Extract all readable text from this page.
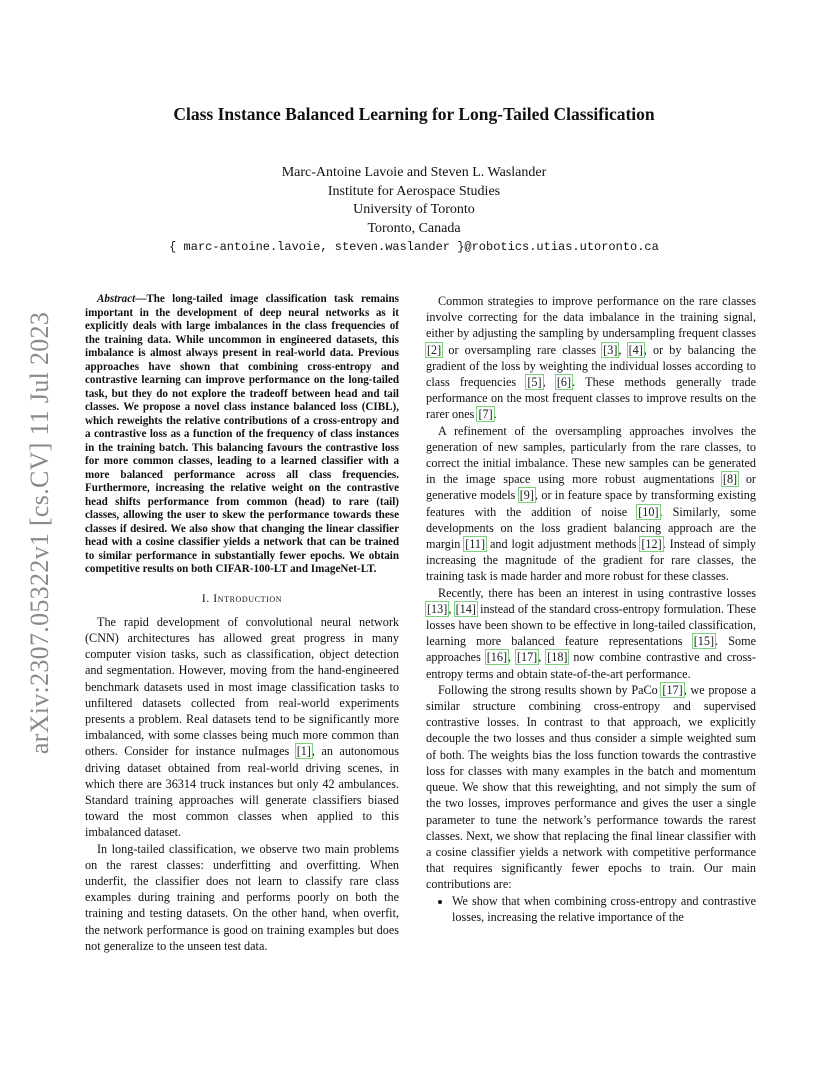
Class Instance Balanced Learning for Long-Tailed Classification
Marc-Antoine Lavoie and Steven L. Waslander
Institute for Aerospace Studies
University of Toronto
Toronto, Canada
{ marc-antoine.lavoie, steven.waslander }@robotics.utias.utoronto.ca
arXiv:2307.05322v1 [cs.CV] 11 Jul 2023

Abstract—The long-tailed image classification task remains important in the development of deep neural networks as it explicitly deals with large imbalances in the class frequencies of the training data. While uncommon in engineered datasets, this imbalance is almost always present in real-world data. Previous approaches have shown that combining cross-entropy and contrastive learning can improve performance on the long-tailed task, but they do not explore the tradeoff between head and tail classes. We propose a novel class instance balanced loss (CIBL), which reweights the relative contributions of a cross-entropy and a contrastive loss as a function of the frequency of class instances in the training batch. This balancing favours the contrastive loss for more common classes, leading to a learned classifier with a more balanced performance across all class frequencies. Furthermore, increasing the relative weight on the contrastive head shifts performance from common (head) to rare (tail) classes, allowing the user to skew the performance towards these classes if desired. We also show that changing the linear classifier head with a cosine classifier yields a network that can be trained to similar performance in substantially fewer epochs. We obtain competitive results on both CIFAR-100-LT and ImageNet-LT.

I. Introduction

The rapid development of convolutional neural network (CNN) architectures has allowed great progress in many computer vision tasks, such as classification, object detection and segmentation. However, moving from the hand-engineered benchmark datasets used in most image classification tasks to unfiltered datasets collected from real-world experiments presents a problem. Real datasets tend to be significantly more imbalanced, with some classes being much more common than others. Consider for instance nuImages [1], an autonomous driving dataset obtained from real-world driving scenes, in which there are 36314 truck instances but only 42 ambulances. Standard training approaches will generate classifiers biased toward the most common classes when applied to this imbalanced dataset.

In long-tailed classification, we observe two main problems on the rarest classes: underfitting and overfitting. When underfit, the classifier does not learn to classify rare class examples during training and performs poorly on both the training and testing datasets. On the other hand, when overfit, the network performance is good on training examples but does not generalize to the unseen test data.

Common strategies to improve performance on the rare classes involve correcting for the data imbalance in the training signal, either by adjusting the sampling by undersampling frequent classes [2] or oversampling rare classes [3], [4], or by balancing the gradient of the loss by weighting the individual losses according to class frequencies [5], [6]. These methods generally trade performance on the most frequent classes to improve results on the rarer ones [7].

A refinement of the oversampling approaches involves the generation of new samples, particularly from the rare classes, to correct the initial imbalance. These new samples can be generated in the image space using more robust augmentations [8] or generative models [9], or in feature space by transforming existing features with the addition of noise [10]. Similarly, some developments on the loss gradient balancing approach are the margin [11] and logit adjustment methods [12]. Instead of simply increasing the magnitude of the gradient for rare classes, the training task is made harder and more robust for these classes.

Recently, there has been an interest in using contrastive losses [13], [14] instead of the standard cross-entropy formulation. These losses have been shown to be effective in long-tailed classification, learning more balanced feature representations [15]. Some approaches [16], [17], [18] now combine contrastive and cross-entropy terms and obtain state-of-the-art performance.

Following the strong results shown by PaCo [17], we propose a similar structure combining cross-entropy and supervised contrastive losses. In contrast to that approach, we explicitly decouple the two losses and thus consider a simple weighted sum of both. The weights bias the loss function towards the contrastive loss for classes with many examples in the batch and momentum queue. We show that this reweighting, and not simply the sum of the two losses, improves performance and gives the user a single parameter to tune the network’s performance towards the rarest classes. Next, we show that replacing the final linear classifier with a cosine classifier yields a network with competitive performance that requires significantly fewer epochs to train. Our main contributions are:

• We show that when combining cross-entropy and contrastive losses, increasing the relative importance of the
